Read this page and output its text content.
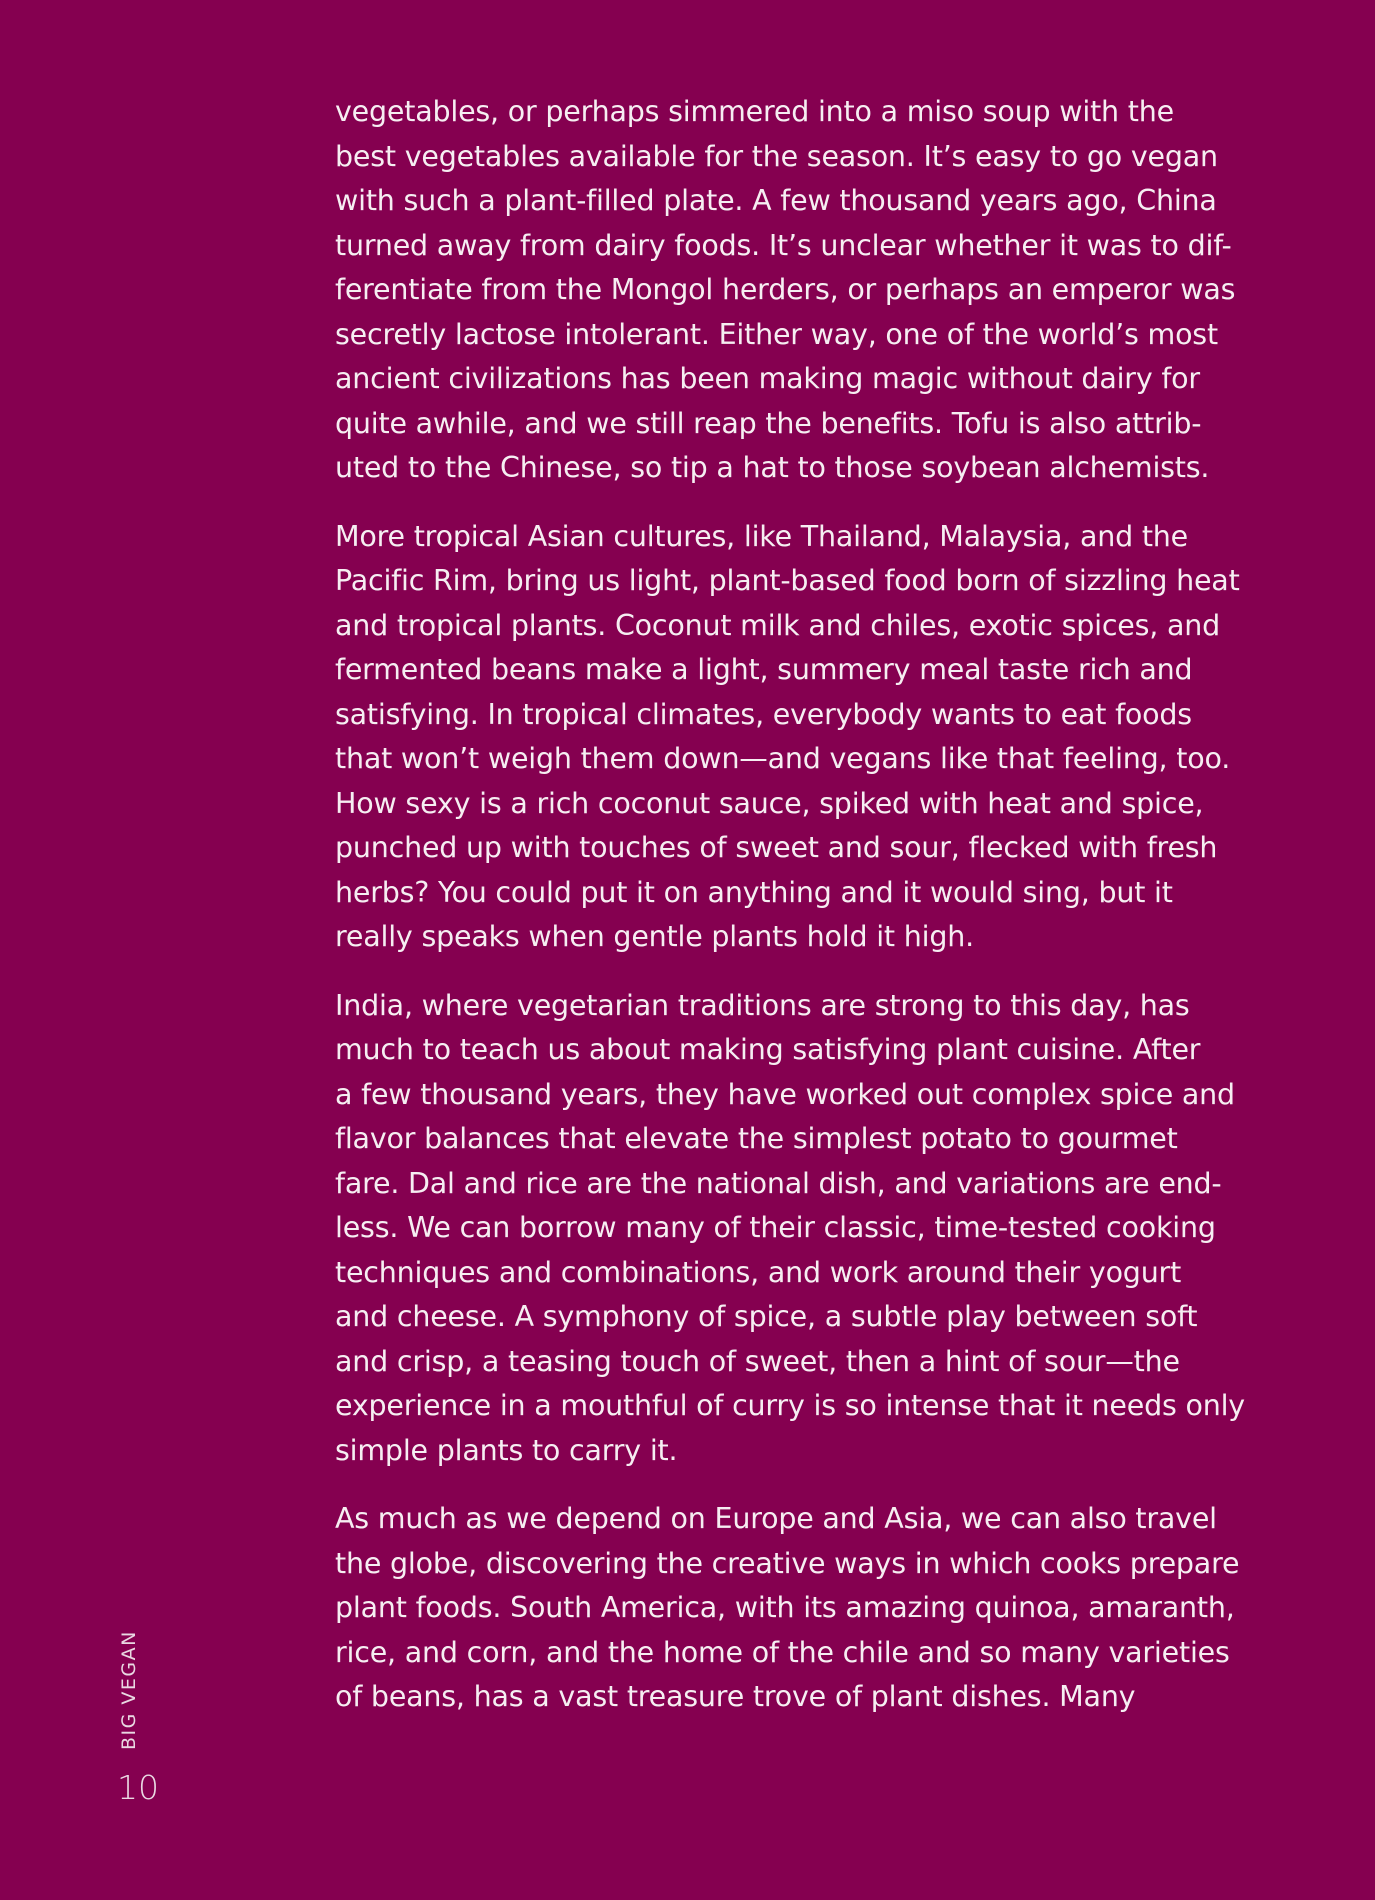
vegetables, or perhaps simmered into a miso soup with the
best vegetables available for the season. It’s easy to go vegan
with such a plant-filled plate. A few thousand years ago, China
turned away from dairy foods. It’s unclear whether it was to dif-
ferentiate from the Mongol herders, or perhaps an emperor was
secretly lactose intolerant. Either way, one of the world’s most
ancient civilizations has been making magic without dairy for
quite awhile, and we still reap the benefits. Tofu is also attrib-
uted to the Chinese, so tip a hat to those soybean alchemists.

More tropical Asian cultures, like Thailand, Malaysia, and the
Pacific Rim, bring us light, plant-based food born of sizzling heat
and tropical plants. Coconut milk and chiles, exotic spices, and
fermented beans make a light, summery meal taste rich and
satisfying. In tropical climates, everybody wants to eat foods
that won’t weigh them down—and vegans like that feeling, too.
How sexy is a rich coconut sauce, spiked with heat and spice,
punched up with touches of sweet and sour, flecked with fresh
herbs? You could put it on anything and it would sing, but it
really speaks when gentle plants hold it high.

India, where vegetarian traditions are strong to this day, has
much to teach us about making satisfying plant cuisine. After
a few thousand years, they have worked out complex spice and
flavor balances that elevate the simplest potato to gourmet
fare. Dal and rice are the national dish, and variations are end-
less. We can borrow many of their classic, time-tested cooking
techniques and combinations, and work around their yogurt
and cheese. A symphony of spice, a subtle play between soft
and crisp, a teasing touch of sweet, then a hint of sour—the
experience in a mouthful of curry is so intense that it needs only
simple plants to carry it.

As much as we depend on Europe and Asia, we can also travel
the globe, discovering the creative ways in which cooks prepare
plant foods. South America, with its amazing quinoa, amaranth,
rice, and corn, and the home of the chile and so many varieties
of beans, has a vast treasure trove of plant dishes. Many

BIG VEGAN
10
